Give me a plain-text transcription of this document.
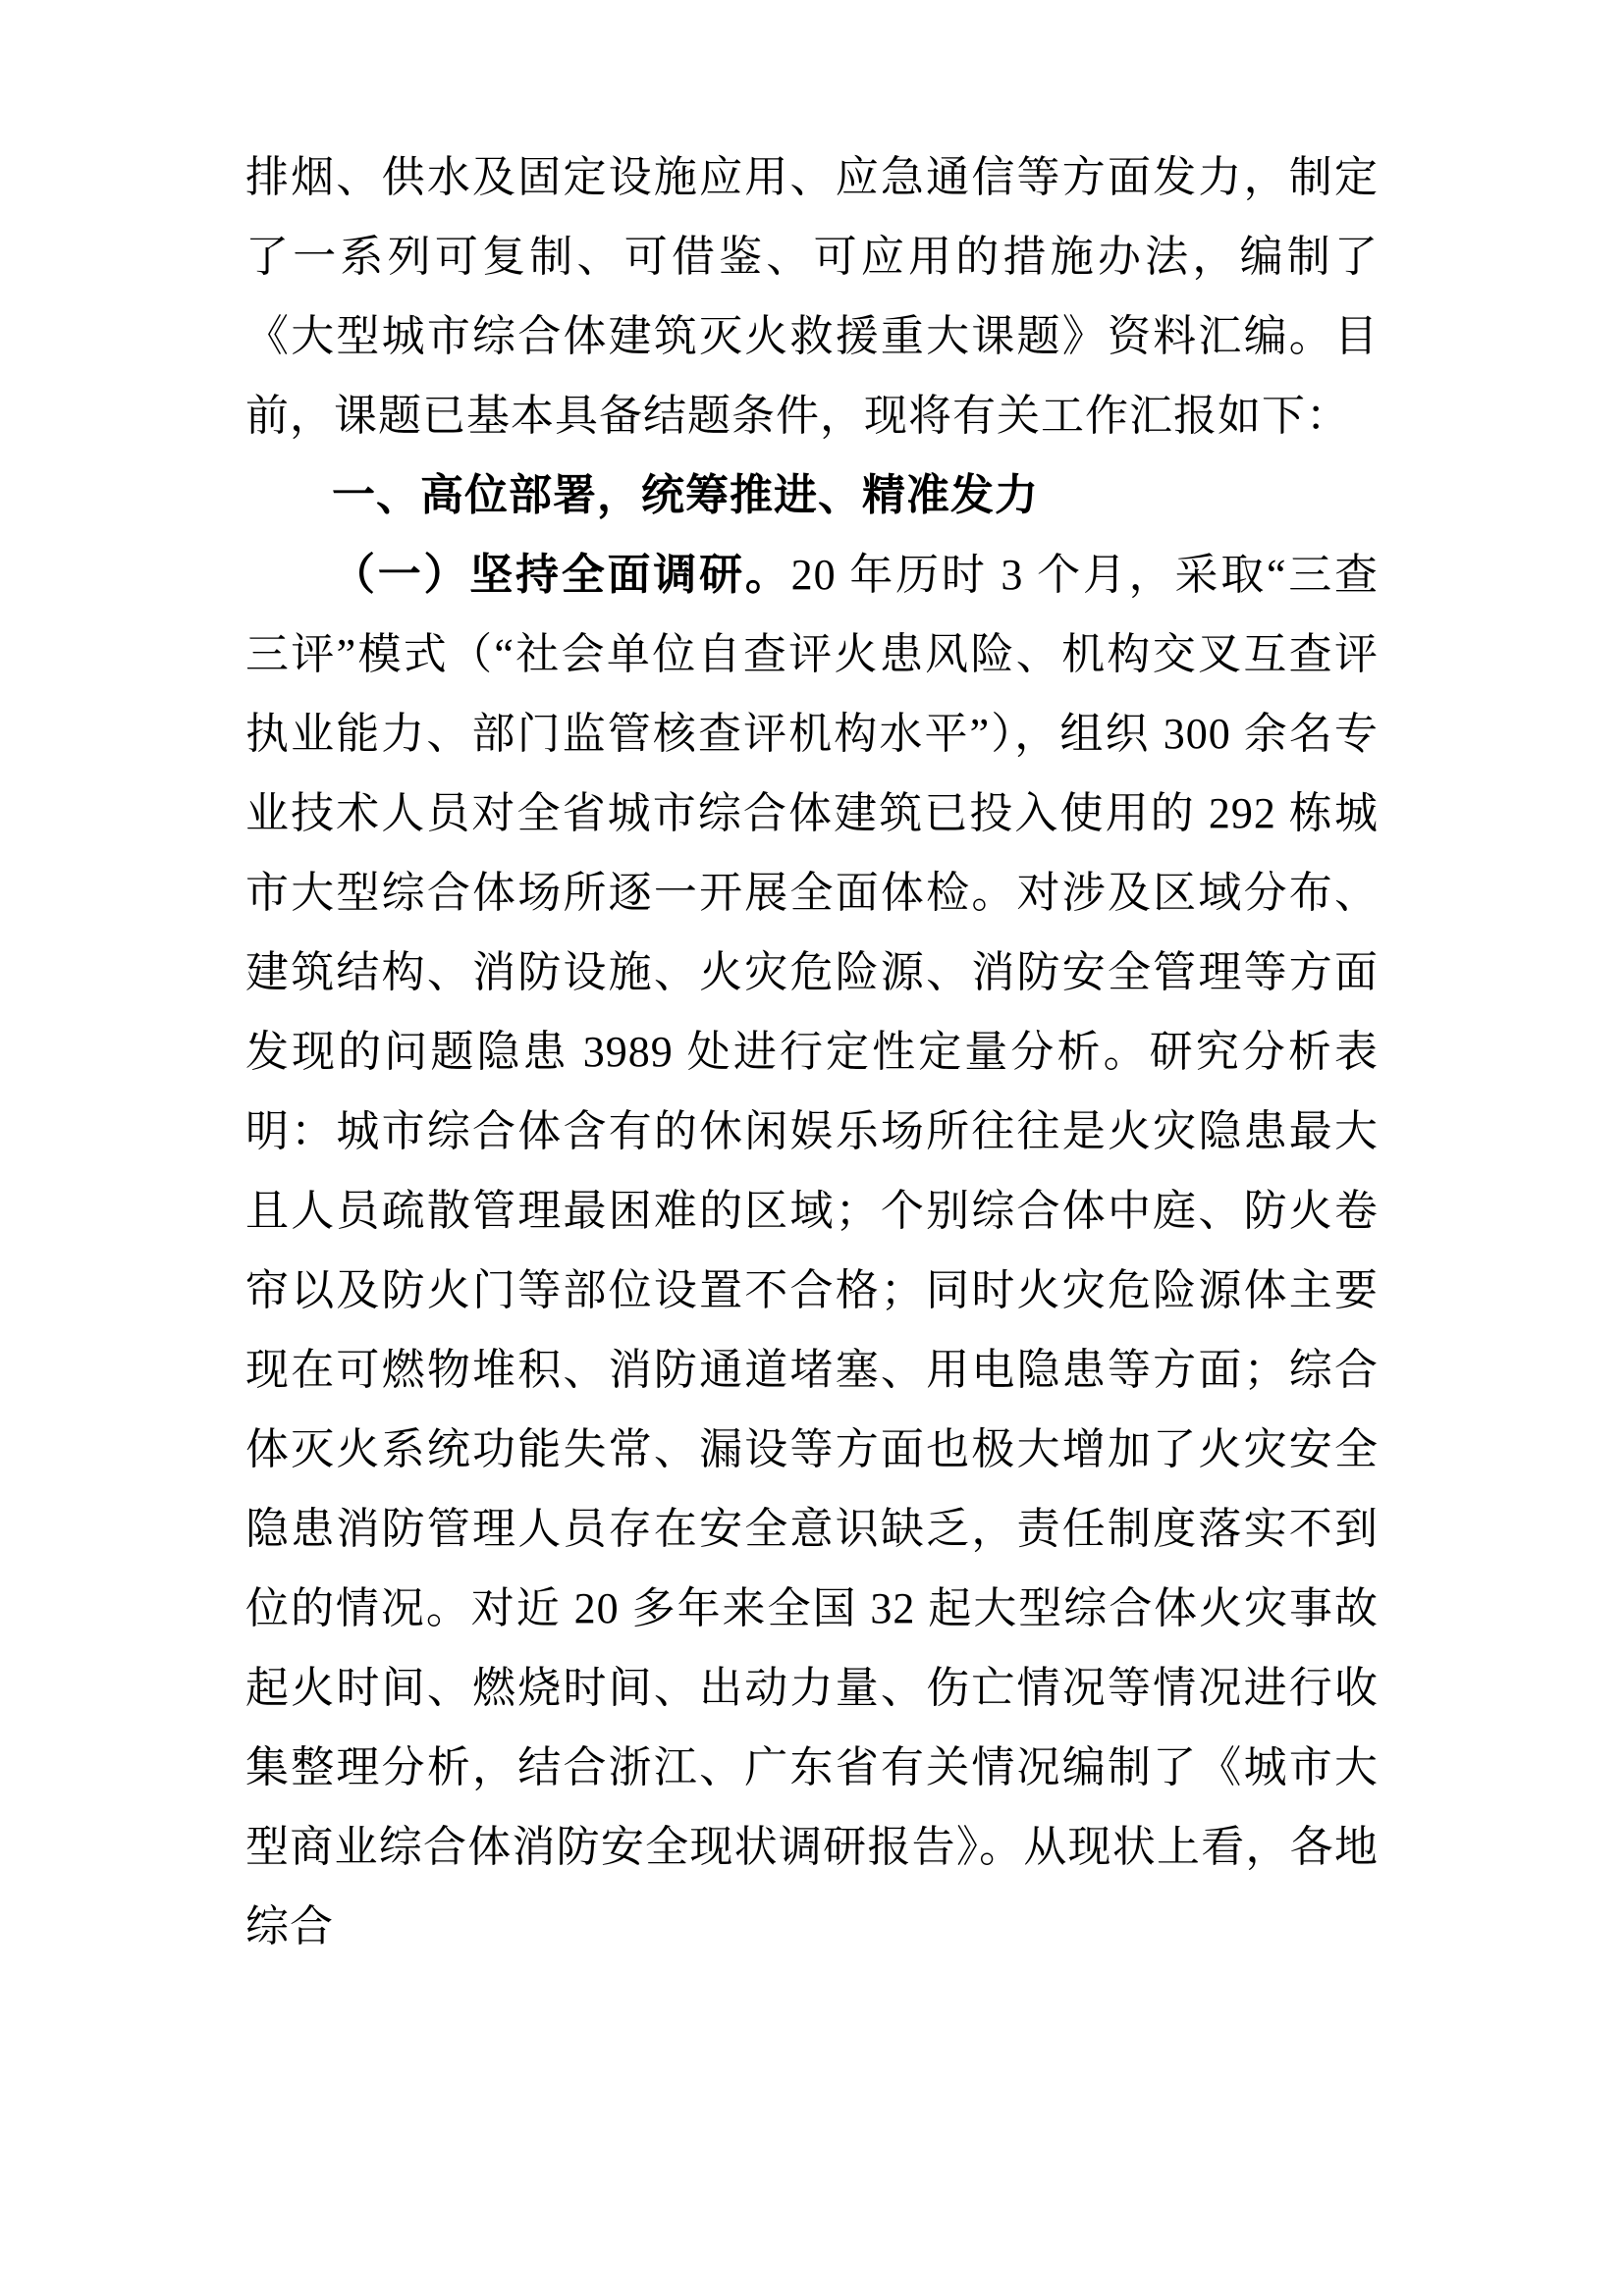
排烟、供水及固定设施应用、应急通信等方面发力，制定了一系列可复制、可借鉴、可应用的措施办法，编制了《大型城市综合体建筑灭火救援重大课题》资料汇编。目前，课题已基本具备结题条件，现将有关工作汇报如下：

一、高位部署，统筹推进、精准发力

（一）坚持全面调研。20 年历时 3 个月，采取“三查三评”模式（“社会单位自查评火患风险、机构交叉互查评执业能力、部门监管核查评机构水平”），组织 300 余名专业技术人员对全省城市综合体建筑已投入使用的 292 栋城市大型综合体场所逐一开展全面体检。对涉及区域分布、建筑结构、消防设施、火灾危险源、消防安全管理等方面发现的问题隐患 3989 处进行定性定量分析。研究分析表明：城市综合体含有的休闲娱乐场所往往是火灾隐患最大且人员疏散管理最困难的区域；个别综合体中庭、防火卷帘以及防火门等部位设置不合格；同时火灾危险源体主要现在可燃物堆积、消防通道堵塞、用电隐患等方面；综合体灭火系统功能失常、漏设等方面也极大增加了火灾安全隐患消防管理人员存在安全意识缺乏，责任制度落实不到位的情况。对近 20 多年来全国 32 起大型综合体火灾事故起火时间、燃烧时间、出动力量、伤亡情况等情况进行收集整理分析，结合浙江、广东省有关情况编制了《城市大型商业综合体消防安全现状调研报告》。从现状上看，各地综合
